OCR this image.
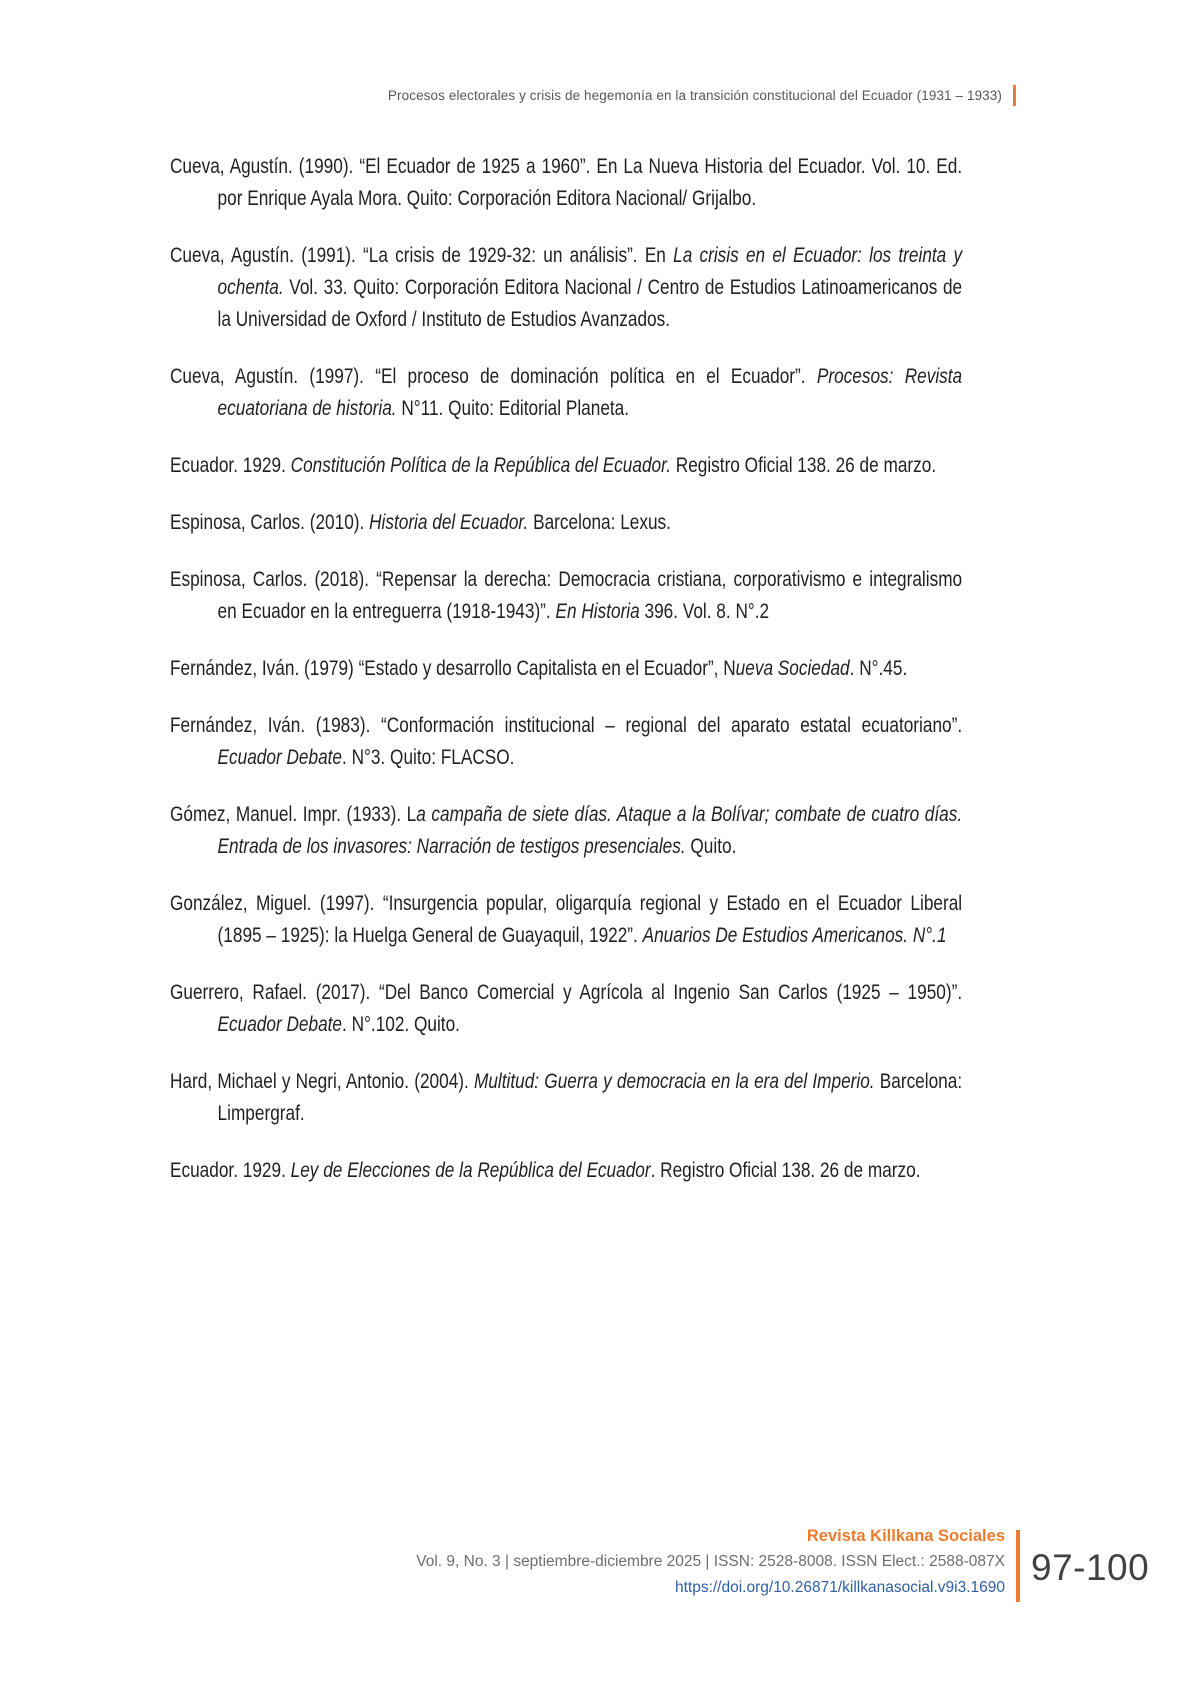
Procesos electorales y crisis de hegemonía en la transición constitucional del Ecuador (1931 – 1933)

Cueva, Agustín. (1990). “El Ecuador de 1925 a 1960”. En La Nueva Historia del Ecuador. Vol. 10. Ed. por Enrique Ayala Mora. Quito: Corporación Editora Nacional/ Grijalbo.

Cueva, Agustín. (1991). “La crisis de 1929-32: un análisis”. En La crisis en el Ecuador: los treinta y ochenta. Vol. 33. Quito: Corporación Editora Nacional / Centro de Estudios Latinoamericanos de la Universidad de Oxford / Instituto de Estudios Avanzados.

Cueva, Agustín. (1997). “El proceso de dominación política en el Ecuador”. Procesos: Revista ecuatoriana de historia. N°11. Quito: Editorial Planeta.

Ecuador. 1929. Constitución Política de la República del Ecuador. Registro Oficial 138. 26 de marzo.

Espinosa, Carlos. (2010). Historia del Ecuador. Barcelona: Lexus.

Espinosa, Carlos. (2018). “Repensar la derecha: Democracia cristiana, corporativismo e integralismo en Ecuador en la entreguerra (1918-1943)”. En Historia 396. Vol. 8. N°.2

Fernández, Iván. (1979) “Estado y desarrollo Capitalista en el Ecuador”, Nueva Sociedad. N°.45.

Fernández, Iván. (1983). “Conformación institucional – regional del aparato estatal ecuatoriano”. Ecuador Debate. N°3. Quito: FLACSO.

Gómez, Manuel. Impr. (1933). La campaña de siete días. Ataque a la Bolívar; combate de cuatro días. Entrada de los invasores: Narración de testigos presenciales. Quito.

González, Miguel. (1997). “Insurgencia popular, oligarquía regional y Estado en el Ecuador Liberal (1895 – 1925): la Huelga General de Guayaquil, 1922”. Anuarios De Estudios Americanos. N°.1

Guerrero, Rafael. (2017). “Del Banco Comercial y Agrícola al Ingenio San Carlos (1925 – 1950)”. Ecuador Debate. N°.102. Quito.

Hard, Michael y Negri, Antonio. (2004). Multitud: Guerra y democracia en la era del Imperio. Barcelona: Limpergraf.

Ecuador. 1929. Ley de Elecciones de la República del Ecuador. Registro Oficial 138. 26 de marzo.

Revista Killkana Sociales
Vol. 9, No. 3 | septiembre-diciembre 2025 | ISSN: 2528-8008. ISSN Elect.: 2588-087X
https://doi.org/10.26871/killkanasocial.v9i3.1690 97-100
